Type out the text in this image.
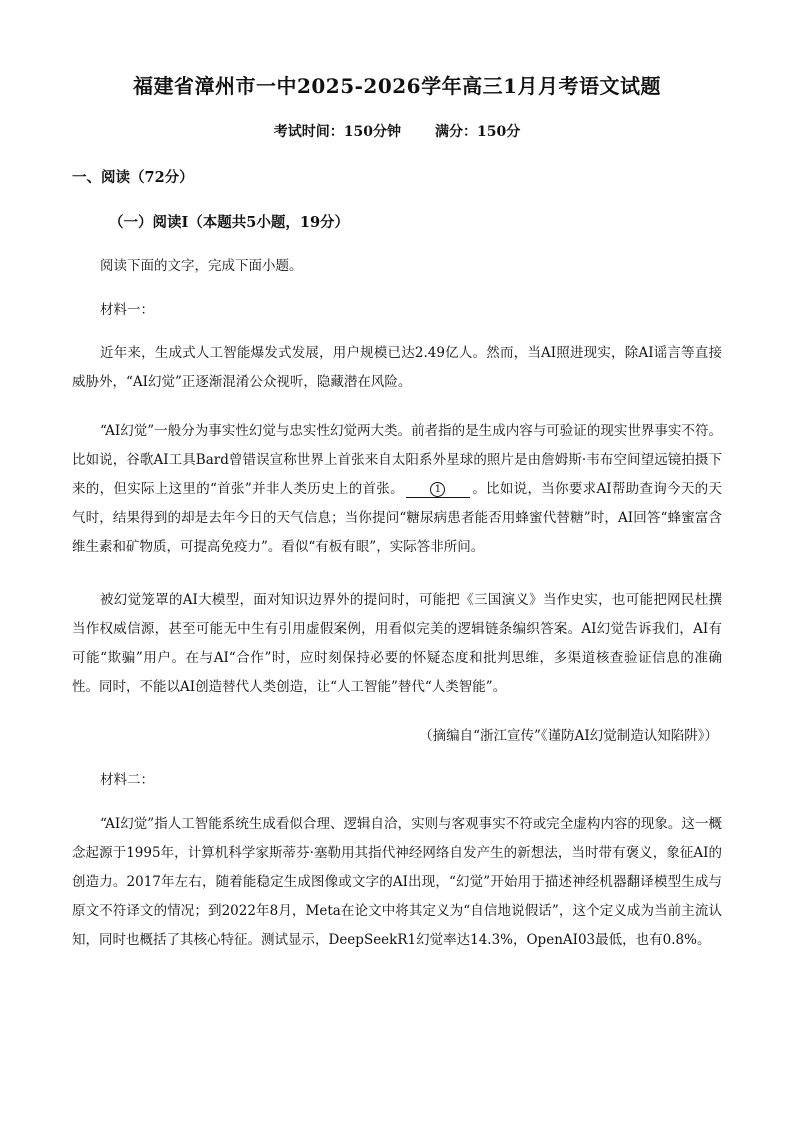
福建省漳州市一中2025-2026学年高三1月月考语文试题
考试时间：150分钟 满分：150分
一、阅读（72分）
（一）阅读Ⅰ（本题共5小题，19分）
阅读下面的文字，完成下面小题。
材料一：
近年来，生成式人工智能爆发式发展，用户规模已达2.49亿人。然而，当AI照进现实，除AI谣言等直接威胁外，“AI幻觉”正逐渐混淆公众视听，隐藏潜在风险。
“AI幻觉”一般分为事实性幻觉与忠实性幻觉两大类。前者指的是生成内容与可验证的现实世界事实不符。比如说，谷歌AI工具Bard曾错误宣称世界上首张来自太阳系外星球的照片是由詹姆斯·韦布空间望远镜拍摄下来的，但实际上这里的“首张”并非人类历史上的首张。	1 。比如说，当你要求AI帮助查询今天的天气时，结果得到的却是去年今日的天气信息；当你提问“糖尿病患者能否用蜂蜜代替糖”时，AI回答“蜂蜜富含维生素和矿物质，可提高免疫力”。看似“有板有眼”，实际答非所问。
被幻觉笼罩的AI大模型，面对知识边界外的提问时，可能把《三国演义》当作史实，也可能把网民杜撰当作权威信源，甚至可能无中生有引用虚假案例，用看似完美的逻辑链条编织答案。AI幻觉告诉我们，AI有可能“欺骗”用户。在与AI“合作”时，应时刻保持必要的怀疑态度和批判思维，多渠道核查验证信息的准确性。同时，不能以AI创造替代人类创造，让“人工智能”替代“人类智能”。
（摘编自“浙江宣传”《谨防AI幻觉制造认知陷阱》）
材料二：
“AI幻觉”指人工智能系统生成看似合理、逻辑自洽，实则与客观事实不符或完全虚构内容的现象。这一概念起源于1995年，计算机科学家斯蒂芬·塞勒用其指代神经网络自发产生的新想法，当时带有褒义，象征AI的创造力。2017年左右，随着能稳定生成图像或文字的AI出现，“幻觉”开始用于描述神经机器翻译模型生成与原文不符译文的情况；到2022年8月，Meta在论文中将其定义为“自信地说假话”，这个定义成为当前主流认知，同时也概括了其核心特征。测试显示，DeepSeekR1幻觉率达14.3%，OpenAI03最低，也有0.8%。
